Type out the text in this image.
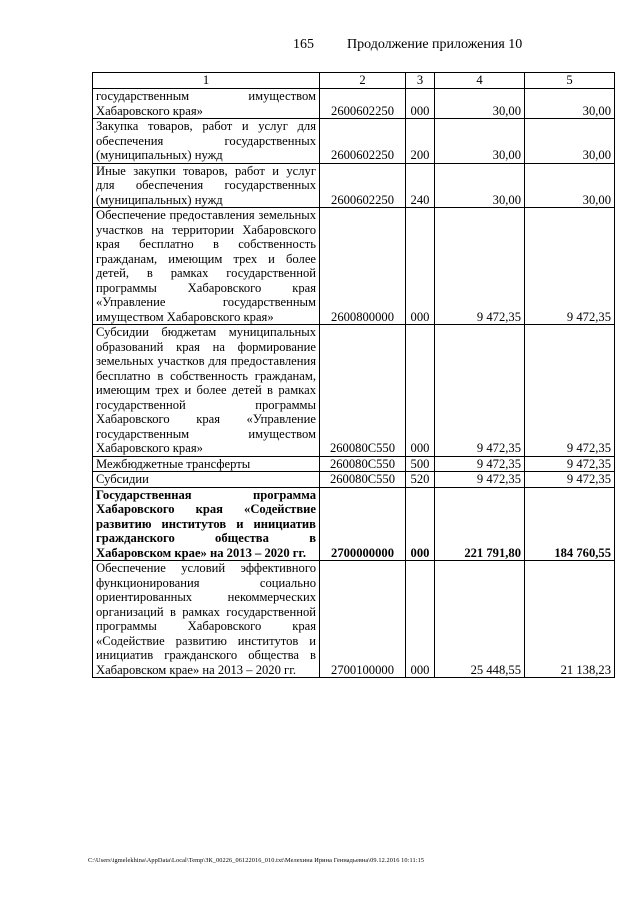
165 Продолжение приложения 10
1	2	3	4	5
государственным имуществом Хабаровского края»	2600602250	000	30,00	30,00
Закупка товаров, работ и услуг для обеспечения государственных (муниципальных) нужд	2600602250	200	30,00	30,00
Иные закупки товаров, работ и услуг для обеспечения государственных (муниципальных) нужд	2600602250	240	30,00	30,00
Обеспечение предоставления земельных участков на территории Хабаровского края бесплатно в собственность гражданам, имеющим трех и более детей, в рамках государственной программы Хабаровского края «Управление государственным имуществом Хабаровского края»	2600800000	000	9 472,35	9 472,35
Субсидии бюджетам муниципальных образований края на формирование земельных участков для предоставления бесплатно в собственность гражданам, имеющим трех и более детей в рамках государственной программы Хабаровского края «Управление государственным имуществом Хабаровского края»	260080С550	000	9 472,35	9 472,35
Межбюджетные трансферты	260080С550	500	9 472,35	9 472,35
Субсидии	260080С550	520	9 472,35	9 472,35
Государственная программа Хабаровского края «Содействие развитию институтов и инициатив гражданского общества в Хабаровском крае» на 2013 – 2020 гг.	2700000000	000	221 791,80	184 760,55
Обеспечение условий эффективного функционирования социально ориентированных некоммерческих организаций в рамках государственной программы Хабаровского края «Содействие развитию институтов и инициатив гражданского общества в Хабаровском крае» на 2013 – 2020 гг.	2700100000	000	25 448,55	21 138,23
C:\Users\igmelekhina\AppData\Local\Temp\ЗК_00226_06122016_010.txt\Мелехина Ирина Геннадьевна\09.12.2016 10:11:15
